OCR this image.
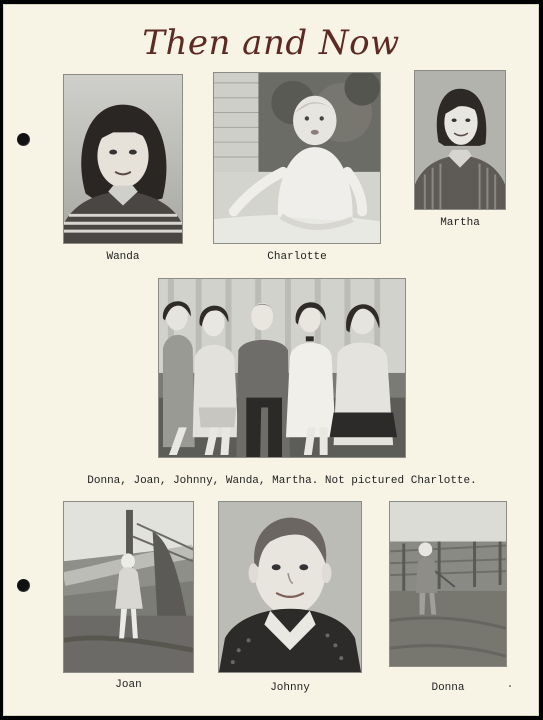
Then and Now
Wanda	Charlotte
Martha
Donna, Joan, Johnny, Wanda, Martha. Not pictured Charlotte.
Joan	Johnny	Donna
